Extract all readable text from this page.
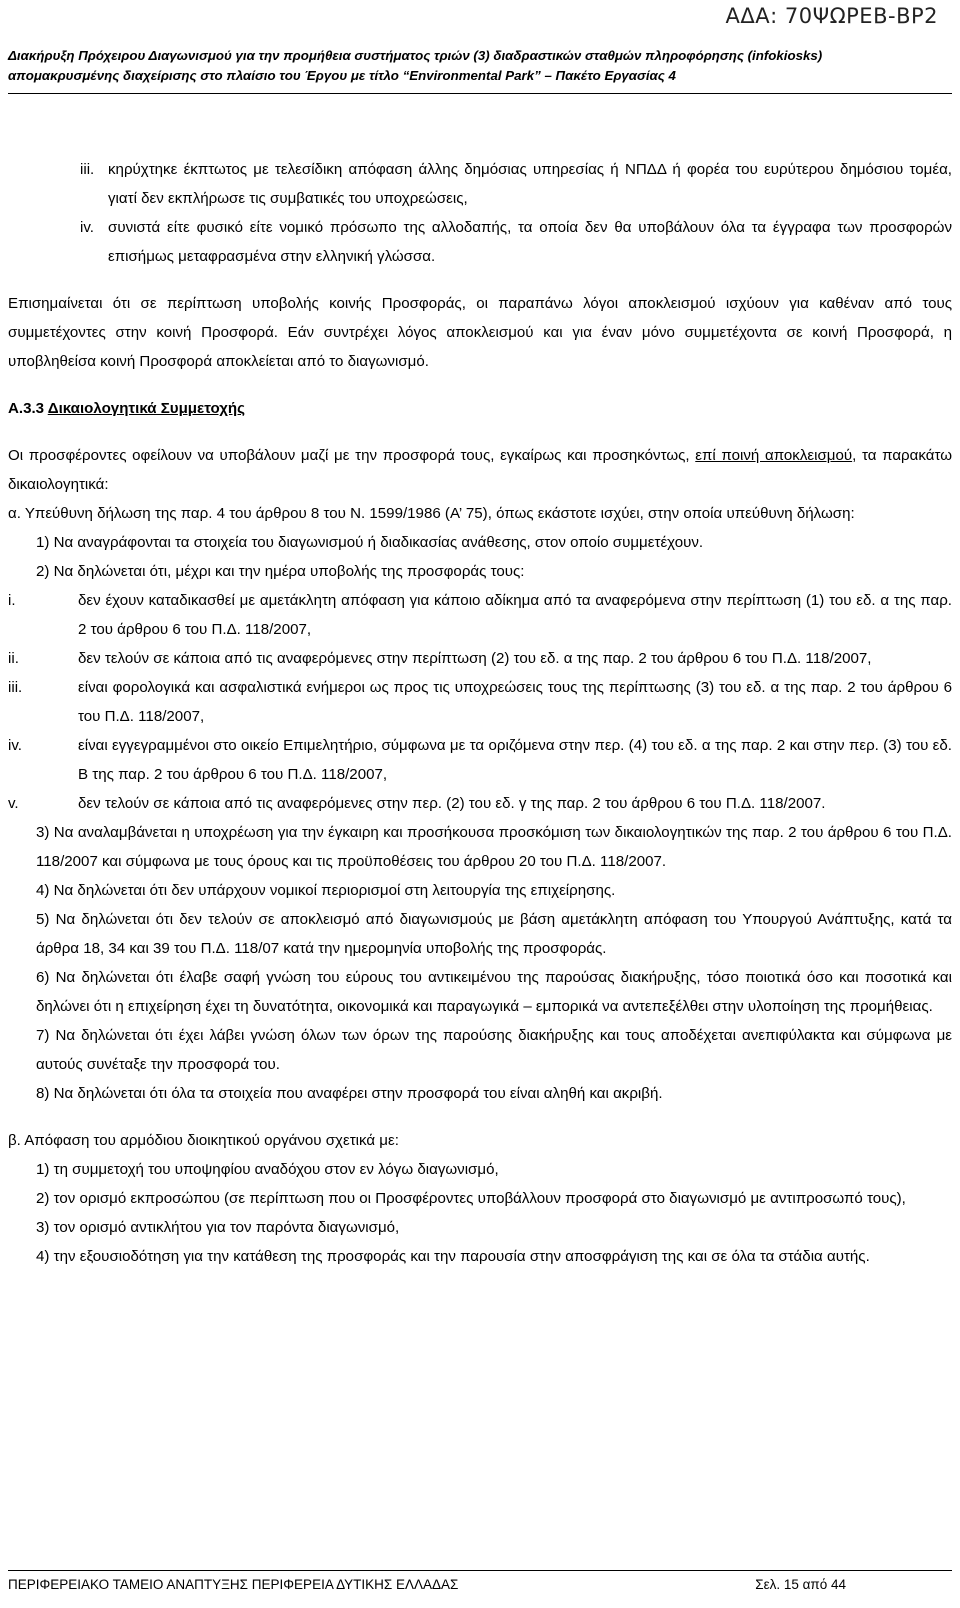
ΑΔΑ: 70ΨΩΡΕΒ-ΒΡ2
Διακήρυξη Πρόχειρου Διαγωνισμού για την προμήθεια συστήματος τριών (3) διαδραστικών σταθμών πληροφόρησης (infokiosks)
απομακρυσμένης διαχείρισης στο πλαίσιο του Έργου με τίτλο “Environmental Park” – Πακέτο Εργασίας 4
iii. κηρύχτηκε έκπτωτος με τελεσίδικη απόφαση άλλης δημόσιας υπηρεσίας ή ΝΠΔΔ ή φορέα του ευρύτερου δημόσιου τομέα, γιατί δεν εκπλήρωσε τις συμβατικές του υποχρεώσεις,
iv. συνιστά είτε φυσικό είτε νομικό πρόσωπο της αλλοδαπής, τα οποία δεν θα υποβάλουν όλα τα έγγραφα των προσφορών επισήμως μεταφρασμένα στην ελληνική γλώσσα.

Επισημαίνεται ότι σε περίπτωση υποβολής κοινής Προσφοράς, οι παραπάνω λόγοι αποκλεισμού ισχύουν για καθέναν από τους συμμετέχοντες στην κοινή Προσφορά. Εάν συντρέχει λόγος αποκλεισμού και για έναν μόνο συμμετέχοντα σε κοινή Προσφορά, η υποβληθείσα κοινή Προσφορά αποκλείεται από το διαγωνισμό.

Α.3.3 Δικαιολογητικά Συμμετοχής

Οι προσφέροντες οφείλουν να υποβάλουν μαζί με την προσφορά τους, εγκαίρως και προσηκόντως, επί ποινή αποκλεισμού, τα παρακάτω δικαιολογητικά:

α. Υπεύθυνη δήλωση της παρ. 4 του άρθρου 8 του Ν. 1599/1986 (Α’ 75), όπως εκάστοτε ισχύει, στην οποία υπεύθυνη δήλωση:

1) Να αναγράφονται τα στοιχεία του διαγωνισμού ή διαδικασίας ανάθεσης, στον οποίο συμμετέχουν.

2) Να δηλώνεται ότι, μέχρι και την ημέρα υποβολής της προσφοράς τους:

i.	δεν έχουν καταδικασθεί με αμετάκλητη απόφαση για κάποιο αδίκημα από τα αναφερόμενα στην περίπτωση (1) του εδ. α της παρ. 2 του άρθρου 6 του Π.Δ. 118/2007,
ii.	δεν τελούν σε κάποια από τις αναφερόμενες στην περίπτωση (2) του εδ. α της παρ. 2 του άρθρου 6 του Π.Δ. 118/2007,
iii.	είναι φορολογικά και ασφαλιστικά ενήμεροι ως προς τις υποχρεώσεις τους της περίπτωσης (3) του εδ. α της παρ. 2 του άρθρου 6 του Π.Δ. 118/2007,
iv.	είναι εγγεγραμμένοι στο οικείο Επιμελητήριο, σύμφωνα με τα οριζόμενα στην περ. (4) του εδ. α της παρ. 2 και στην περ. (3) του εδ. Β της παρ. 2 του άρθρου 6 του Π.Δ. 118/2007,
v.	δεν τελούν σε κάποια από τις αναφερόμενες στην περ. (2) του εδ. γ της παρ. 2 του άρθρου 6 του Π.Δ. 118/2007.

3) Να αναλαμβάνεται η υποχρέωση για την έγκαιρη και προσήκουσα προσκόμιση των δικαιολογητικών της παρ. 2 του άρθρου 6 του Π.Δ. 118/2007 και σύμφωνα με τους όρους και τις προϋποθέσεις του άρθρου 20 του Π.Δ. 118/2007.

4) Να δηλώνεται ότι δεν υπάρχουν νομικοί περιορισμοί στη λειτουργία της επιχείρησης.

5) Να δηλώνεται ότι δεν τελούν σε αποκλεισμό από διαγωνισμούς με βάση αμετάκλητη απόφαση του Υπουργού Ανάπτυξης, κατά τα άρθρα 18, 34 και 39 του Π.Δ. 118/07 κατά την ημερομηνία υποβολής της προσφοράς.

6) Να δηλώνεται ότι έλαβε σαφή γνώση του εύρους του αντικειμένου της παρούσας διακήρυξης, τόσο ποιοτικά όσο και ποσοτικά και δηλώνει ότι η επιχείρηση έχει τη δυνατότητα, οικονομικά και παραγωγικά – εμπορικά να αντεπεξέλθει στην υλοποίηση της προμήθειας.

7) Να δηλώνεται ότι έχει λάβει γνώση όλων των όρων της παρούσης διακήρυξης και τους αποδέχεται ανεπιφύλακτα και σύμφωνα με αυτούς συνέταξε την προσφορά του.

8) Να δηλώνεται ότι όλα τα στοιχεία που αναφέρει στην προσφορά του είναι αληθή και ακριβή.

β. Απόφαση του αρμόδιου διοικητικού οργάνου σχετικά με:

1) τη συμμετοχή του υποψηφίου αναδόχου στον εν λόγω διαγωνισμό,

2) τον ορισμό εκπροσώπου (σε περίπτωση που οι Προσφέροντες υποβάλλουν προσφορά στο διαγωνισμό με αντιπροσωπό τους),

3) τον ορισμό αντικλήτου για τον παρόντα διαγωνισμό,

4) την εξουσιοδότηση για την κατάθεση της προσφοράς και την παρουσία στην αποσφράγιση της και σε όλα τα στάδια αυτής.

ΠΕΡΙΦΕΡΕΙΑΚΟ ΤΑΜΕΙΟ ΑΝΑΠΤΥΞΗΣ ΠΕΡΙΦΕΡΕΙΑ ΔΥΤΙΚΗΣ ΕΛΛΑΔΑΣ	Σελ. 15 από 44
